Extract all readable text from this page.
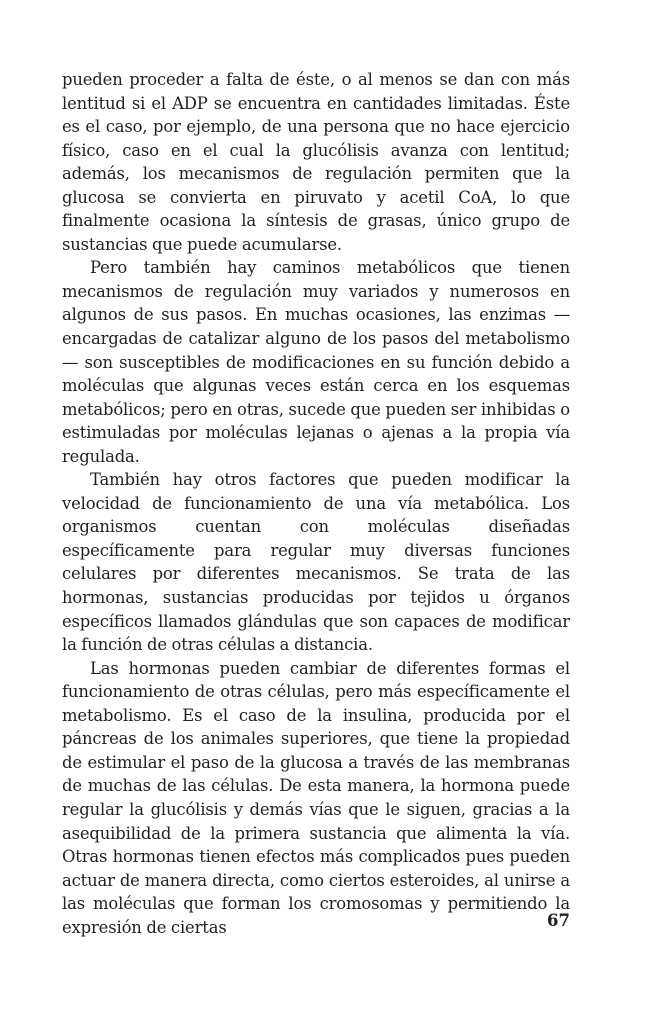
pueden proceder a falta de éste, o al menos se dan con más lentitud si el ADP se encuentra en cantidades limitadas. Éste es el caso, por ejemplo, de una persona que no hace ejercicio físico, caso en el cual la glucólisis avanza con lentitud; además, los mecanismos de regulación permiten que la glucosa se convierta en piruvato y acetil CoA, lo que finalmente ocasiona la síntesis de grasas, único grupo de sustancias que puede acumularse.

Pero también hay caminos metabólicos que tienen mecanismos de regulación muy variados y numerosos en algunos de sus pasos. En muchas ocasiones, las enzimas —encargadas de catalizar alguno de los pasos del metabolismo— son susceptibles de modificaciones en su función debido a moléculas que algunas veces están cerca en los esquemas metabólicos; pero en otras, sucede que pueden ser inhibidas o estimuladas por moléculas lejanas o ajenas a la propia vía regulada.

También hay otros factores que pueden modificar la velocidad de funcionamiento de una vía metabólica. Los organismos cuentan con moléculas diseñadas específicamente para regular muy diversas funciones celulares por diferentes mecanismos. Se trata de las hormonas, sustancias producidas por tejidos u órganos específicos llamados glándulas que son capaces de modificar la función de otras células a distancia.

Las hormonas pueden cambiar de diferentes formas el funcionamiento de otras células, pero más específicamente el metabolismo. Es el caso de la insulina, producida por el páncreas de los animales superiores, que tiene la propiedad de estimular el paso de la glucosa a través de las membranas de muchas de las células. De esta manera, la hormona puede regular la glucólisis y demás vías que le siguen, gracias a la asequibilidad de la primera sustancia que alimenta la vía. Otras hormonas tienen efectos más complicados pues pueden actuar de manera directa, como ciertos esteroides, al unirse a las moléculas que forman los cromosomas y permitiendo la expresión de ciertas	67
